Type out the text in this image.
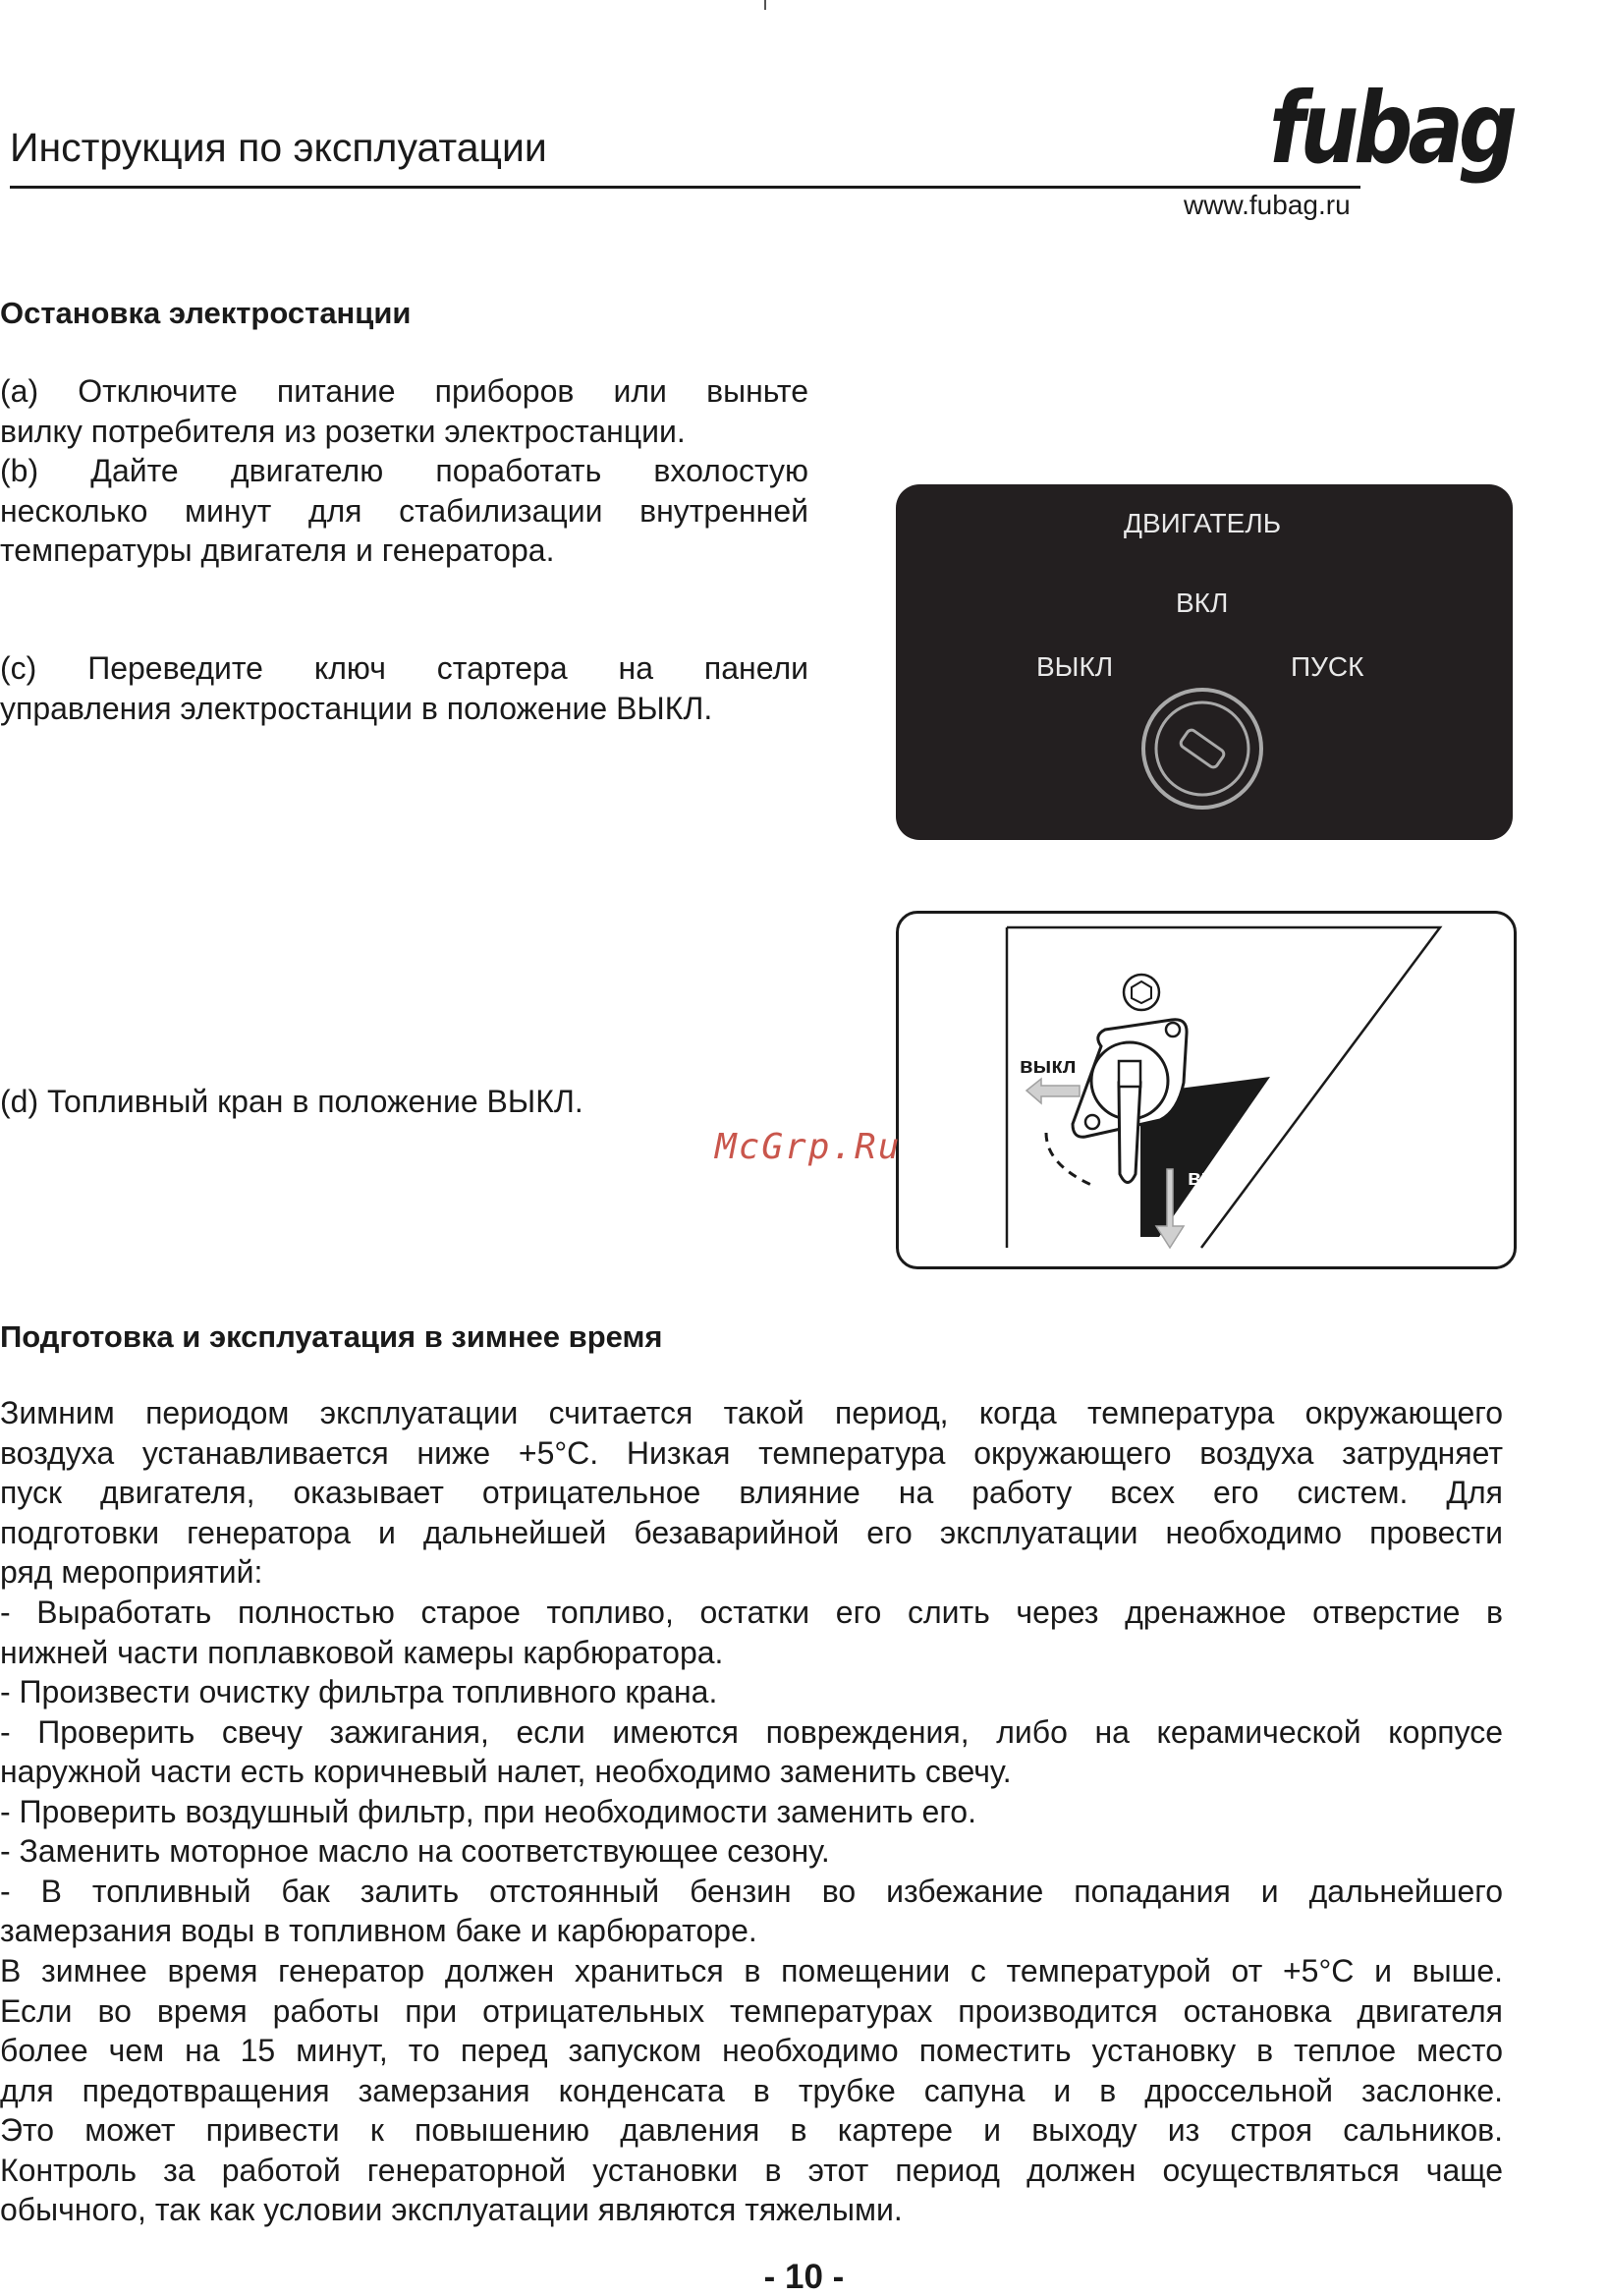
Инструкция по эксплуатации	fubag
www.fubag.ru
Остановка электростанции
(a) Отключите питание приборов или выньте
вилку потребителя из розетки электростанции.
(b) Дайте двигателю поработать вхолостую
несколько минут для стабилизации внутренней
температуры двигателя и генератора.
(c) Переведите ключ стартера на панели
управления электростанции в положение ВЫКЛ.
(d) Топливный кран в положение ВЫКЛ.
ДВИГАТЕЛЬ
ВКЛ
ВЫКЛ	ПУСК
выкл
вкл
McGrp.Ru
Подготовка и эксплуатация в зимнее время
Зимним периодом эксплуатации считается такой период, когда температура окружающего
воздуха устанавливается ниже +5°С. Низкая температура окружающего воздуха затрудняет
пуск двигателя, оказывает отрицательное влияние на работу всех его систем. Для
подготовки генератора и дальнейшей безаварийной его эксплуатации необходимо провести
ряд мероприятий:
- Выработать полностью старое топливо, остатки его слить через дренажное отверстие в
нижней части поплавковой камеры карбюратора.
- Произвести очистку фильтра топливного крана.
- Проверить свечу зажигания, если имеются повреждения, либо на керамической корпусе
наружной части есть коричневый налет, необходимо заменить свечу.
- Проверить воздушный фильтр, при необходимости заменить его.
- Заменить моторное масло на соответствующее сезону.
- В топливный бак залить отстоянный бензин во избежание попадания и дальнейшего
замерзания воды в топливном баке и карбюраторе.
В зимнее время генератор должен храниться в помещении с температурой от +5°С и выше.
Если во время работы при отрицательных температурах производится остановка двигателя
более чем на 15 минут, то перед запуском необходимо поместить установку в теплое место
для предотвращения замерзания конденсата в трубке сапуна и в дроссельной заслонке.
Это может привести к повышению давления в картере и выходу из строя сальников.
Контроль за работой генераторной установки в этот период должен осуществляться чаще
обычного, так как условии эксплуатации являются тяжелыми.
- 10 -
